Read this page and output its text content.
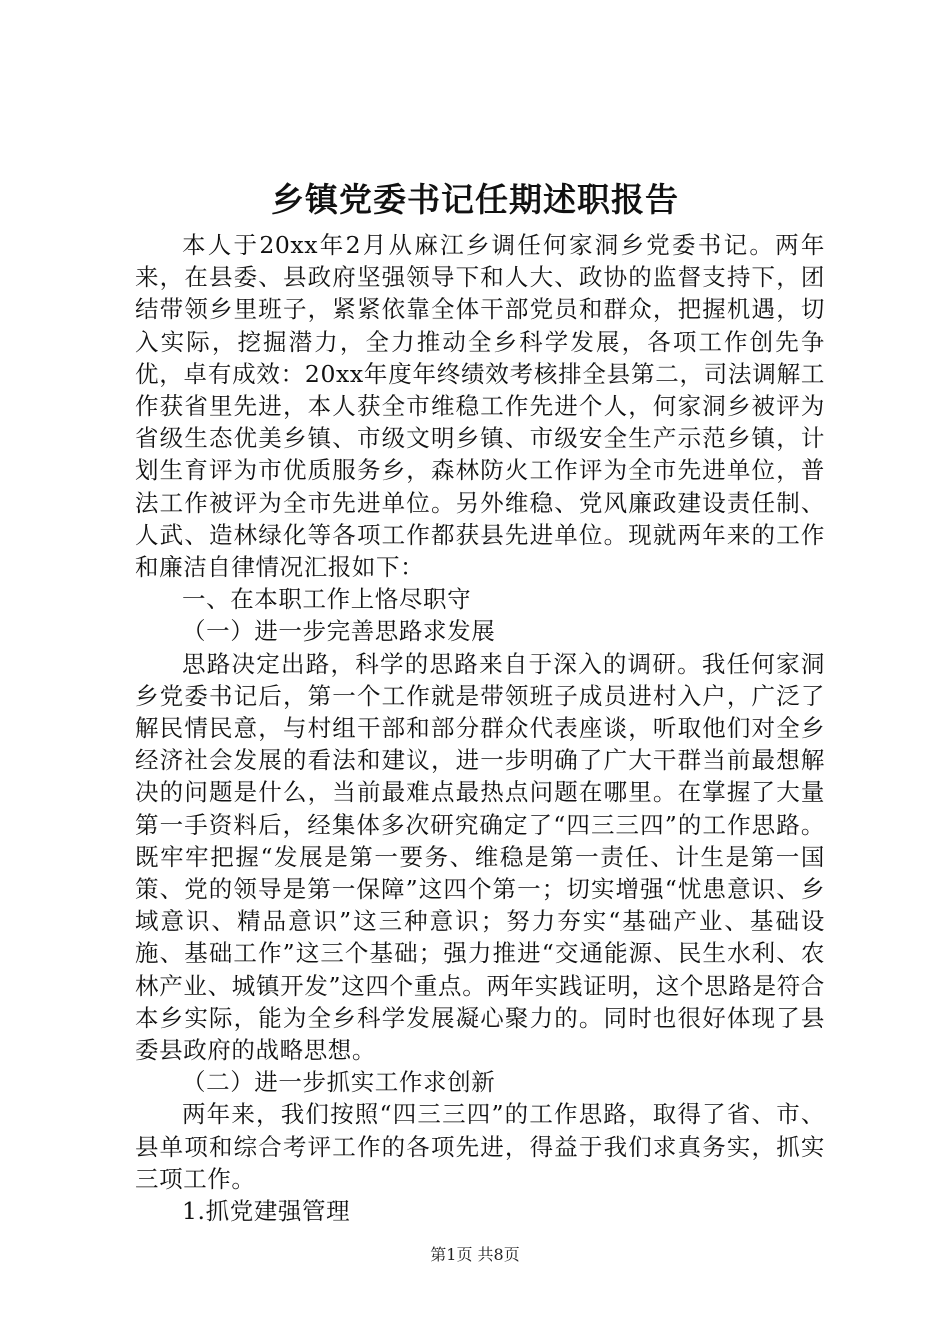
乡镇党委书记任期述职报告

本人于20xx年2月从麻江乡调任何家洞乡党委书记。两年来，在县委、县政府坚强领导下和人大、政协的监督支持下，团结带领乡里班子，紧紧依靠全体干部党员和群众，把握机遇，切入实际，挖掘潜力，全力推动全乡科学发展，各项工作创先争优，卓有成效：20xx年度年终绩效考核排全县第二，司法调解工作获省里先进，本人获全市维稳工作先进个人，何家洞乡被评为省级生态优美乡镇、市级文明乡镇、市级安全生产示范乡镇，计划生育评为市优质服务乡，森林防火工作评为全市先进单位，普法工作被评为全市先进单位。另外维稳、党风廉政建设责任制、人武、造林绿化等各项工作都获县先进单位。现就两年来的工作和廉洁自律情况汇报如下：

一、在本职工作上恪尽职守

（一）进一步完善思路求发展

思路决定出路，科学的思路来自于深入的调研。我任何家洞乡党委书记后，第一个工作就是带领班子成员进村入户，广泛了解民情民意，与村组干部和部分群众代表座谈，听取他们对全乡经济社会发展的看法和建议，进一步明确了广大干群当前最想解决的问题是什么，当前最难点最热点问题在哪里。在掌握了大量第一手资料后，经集体多次研究确定了“四三三四”的工作思路。既牢牢把握“发展是第一要务、维稳是第一责任、计生是第一国策、党的领导是第一保障”这四个第一；切实增强“忧患意识、乡域意识、精品意识”这三种意识；努力夯实“基础产业、基础设施、基础工作”这三个基础；强力推进“交通能源、民生水利、农林产业、城镇开发”这四个重点。两年实践证明，这个思路是符合本乡实际，能为全乡科学发展凝心聚力的。同时也很好体现了县委县政府的战略思想。

（二）进一步抓实工作求创新

两年来，我们按照“四三三四”的工作思路，取得了省、市、县单项和综合考评工作的各项先进，得益于我们求真务实，抓实三项工作。

1.抓党建强管理

第1页 共8页
